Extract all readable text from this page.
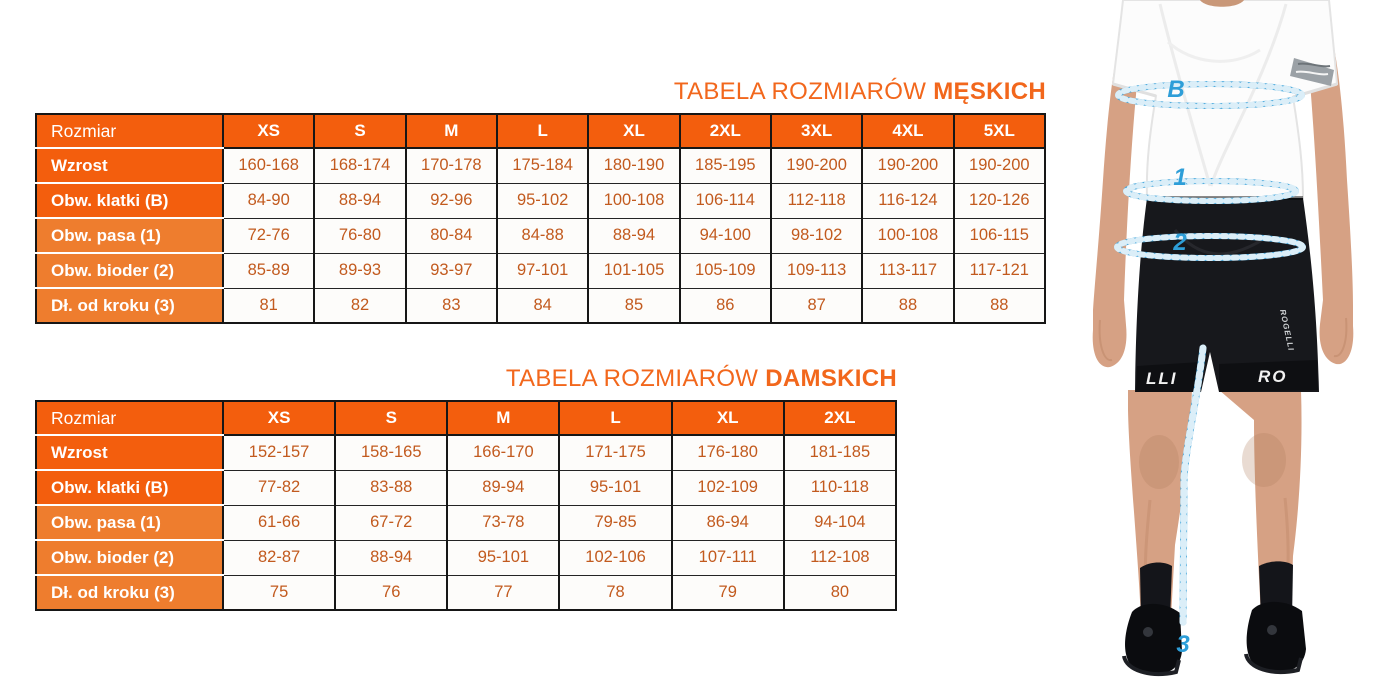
TABELA ROZMIARÓW MĘSKICH
Rozmiar	XS	S	M	L	XL	2XL	3XL	4XL	5XL
Wzrost	160-168	168-174	170-178	175-184	180-190	185-195	190-200	190-200	190-200
Obw. klatki (B)	84-90	88-94	92-96	95-102	100-108	106-114	112-118	116-124	120-126
Obw. pasa (1)	72-76	76-80	80-84	84-88	88-94	94-100	98-102	100-108	106-115
Obw. bioder (2)	85-89	89-93	93-97	97-101	101-105	105-109	109-113	113-117	117-121
Dł. od kroku (3)	81	82	83	84	85	86	87	88	88
TABELA ROZMIARÓW DAMSKICH
Rozmiar	XS	S	M	L	XL	2XL
Wzrost	152-157	158-165	166-170	171-175	176-180	181-185
Obw. klatki (B)	77-82	83-88	89-94	95-101	102-109	110-118
Obw. pasa (1)	61-66	67-72	73-78	79-85	86-94	94-104
Obw. bioder (2)	82-87	88-94	95-101	102-106	107-111	112-108
Dł. od kroku (3)	75	76	77	78	79	80
LLI	RO
ROGELLI
B
1
2
3
